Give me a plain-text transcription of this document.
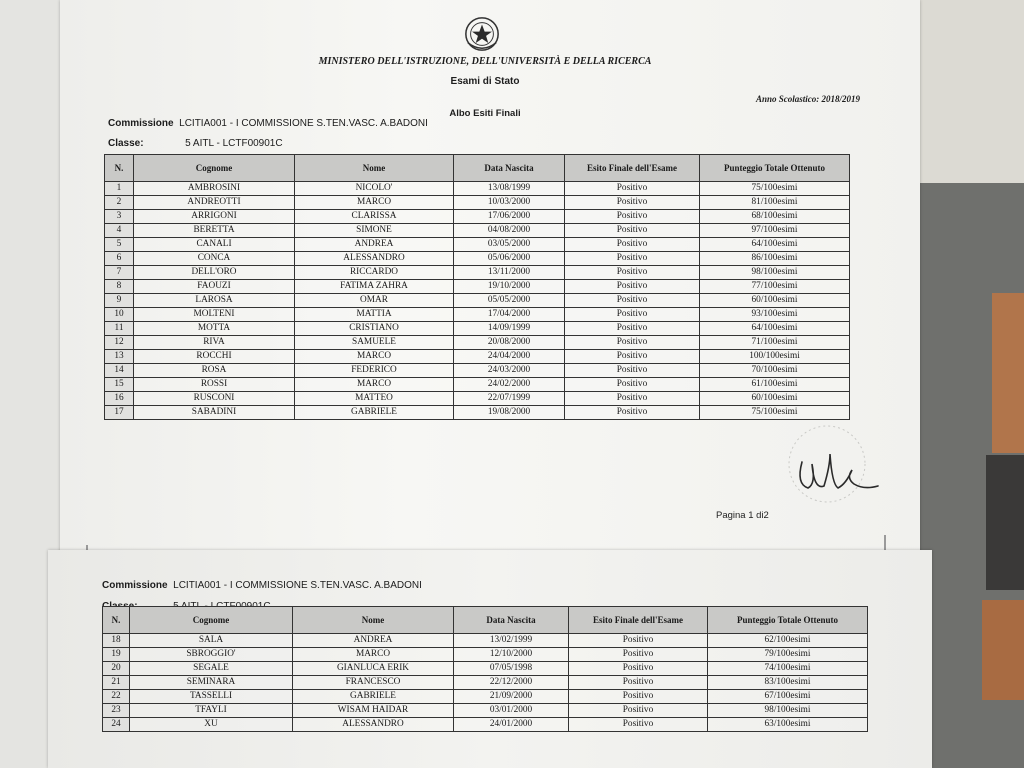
MINISTERO DELL'ISTRUZIONE, DELL'UNIVERSITÀ E DELLA RICERCA
Esami di Stato
Anno Scolastico: 2018/2019
Albo Esiti Finali
Commissione LCITIA001 - I COMMISSIONE S.TEN.VASC. A.BADONI
Classe:	5 AITL - LCTF00901C
N.	Cognome	Nome	Data Nascita	Esito Finale dell'Esame	Punteggio Totale Ottenuto
1	AMBROSINI	NICOLO'	13/08/1999	Positivo	75/100esimi
2	ANDREOTTI	MARCO	10/03/2000	Positivo	81/100esimi
3	ARRIGONI	CLARISSA	17/06/2000	Positivo	68/100esimi
4	BERETTA	SIMONE	04/08/2000	Positivo	97/100esimi
5	CANALI	ANDREA	03/05/2000	Positivo	64/100esimi
6	CONCA	ALESSANDRO	05/06/2000	Positivo	86/100esimi
7	DELL'ORO	RICCARDO	13/11/2000	Positivo	98/100esimi
8	FAOUZI	FATIMA ZAHRA	19/10/2000	Positivo	77/100esimi
9	LAROSA	OMAR	05/05/2000	Positivo	60/100esimi
10	MOLTENI	MATTIA	17/04/2000	Positivo	93/100esimi
11	MOTTA	CRISTIANO	14/09/1999	Positivo	64/100esimi
12	RIVA	SAMUELE	20/08/2000	Positivo	71/100esimi
13	ROCCHI	MARCO	24/04/2000	Positivo	100/100esimi
14	ROSA	FEDERICO	24/03/2000	Positivo	70/100esimi
15	ROSSI	MARCO	24/02/2000	Positivo	61/100esimi
16	RUSCONI	MATTEO	22/07/1999	Positivo	60/100esimi
17	SABADINI	GABRIELE	19/08/2000	Positivo	75/100esimi
Pagina 1 di2
Commissione LCITIA001 - I COMMISSIONE S.TEN.VASC. A.BADONI
N.	Cognome	Nome	Data Nascita	Esito Finale dell'Esame	Punteggio Totale Ottenuto
18	SALA	ANDREA	13/02/1999	Positivo	62/100esimi
19	SBROGGIO'	MARCO	12/10/2000	Positivo	79/100esimi
20	SEGALE	GIANLUCA ERIK	07/05/1998	Positivo	74/100esimi
21	SEMINARA	FRANCESCO	22/12/2000	Positivo	83/100esimi
22	TASSELLI	GABRIELE	21/09/2000	Positivo	67/100esimi
23	TFAYLI	WISAM HAIDAR	03/01/2000	Positivo	98/100esimi
24	XU	ALESSANDRO	24/01/2000	Positivo	63/100esimi
